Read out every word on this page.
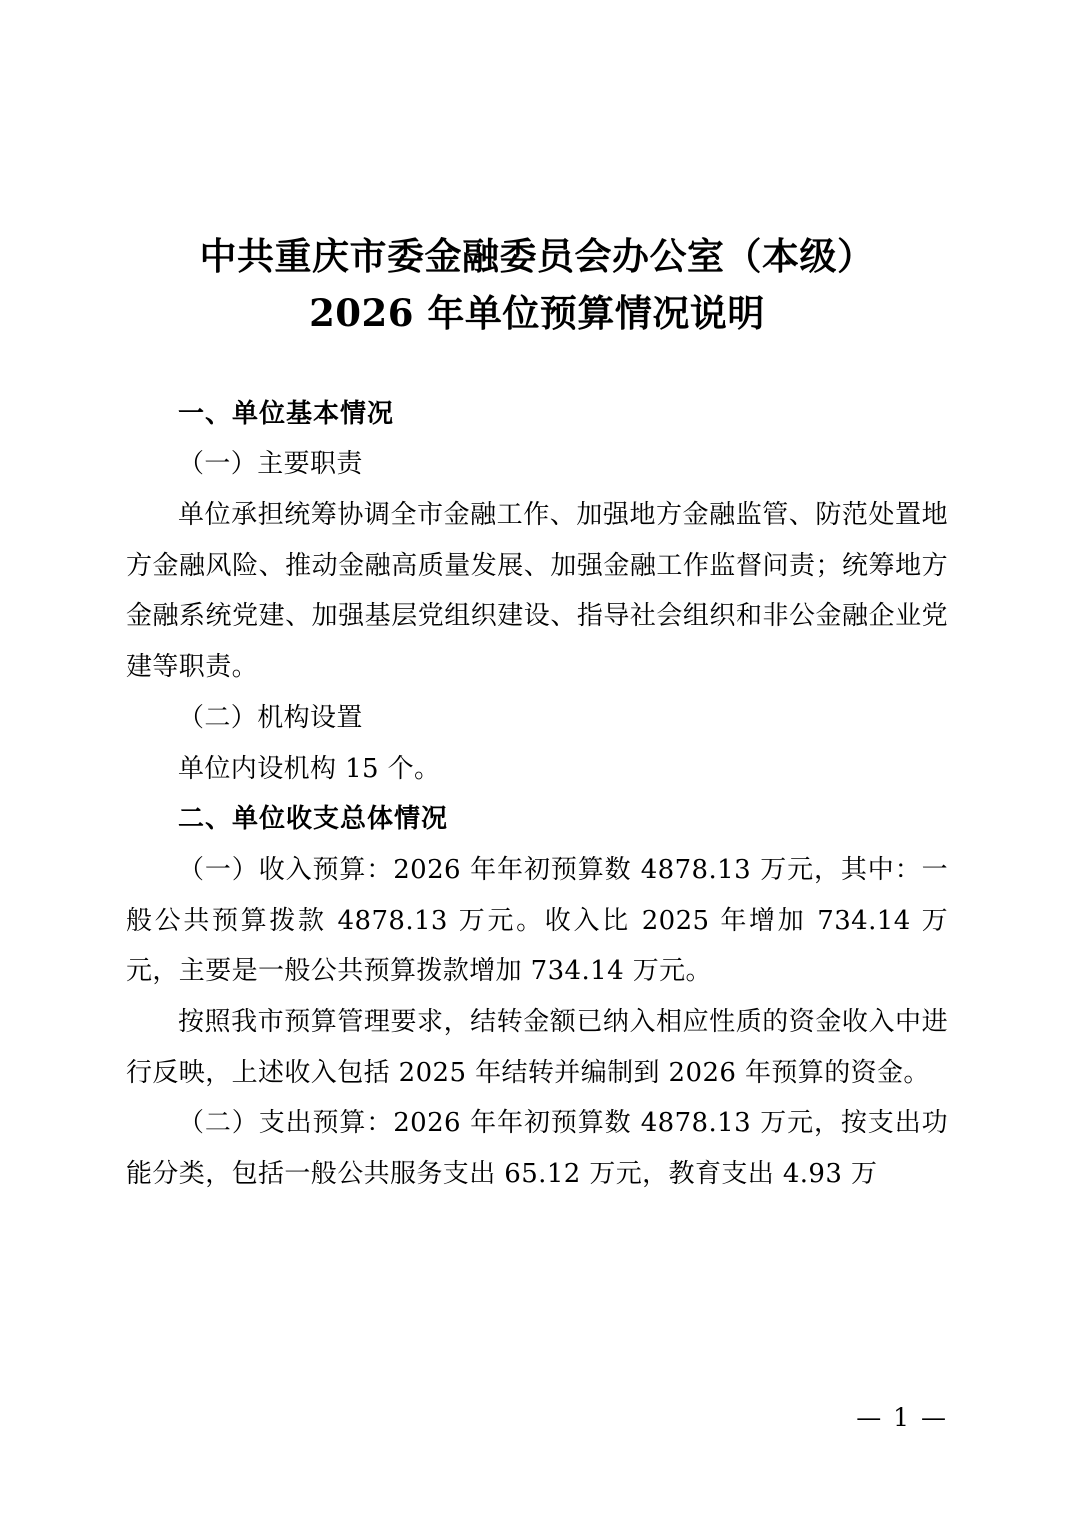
中共重庆市委金融委员会办公室（本级）
2026 年单位预算情况说明
一、单位基本情况

（一）主要职责

单位承担统筹协调全市金融工作、加强地方金融监管、防范处置地方金融风险、推动金融高质量发展、加强金融工作监督问责；统筹地方金融系统党建、加强基层党组织建设、指导社会组织和非公金融企业党建等职责。

（二）机构设置

单位内设机构 15 个。

二、单位收支总体情况

（一）收入预算：2026 年年初预算数 4878.13 万元，其中：一般公共预算拨款 4878.13 万元。收入比 2025 年增加 734.14 万元，主要是一般公共预算拨款增加 734.14 万元。

按照我市预算管理要求，结转金额已纳入相应性质的资金收入中进行反映，上述收入包括 2025 年结转并编制到 2026 年预算的资金。

（二）支出预算：2026 年年初预算数 4878.13 万元，按支出功能分类，包括一般公共服务支出 65.12 万元，教育支出 4.93 万

— 1 —
